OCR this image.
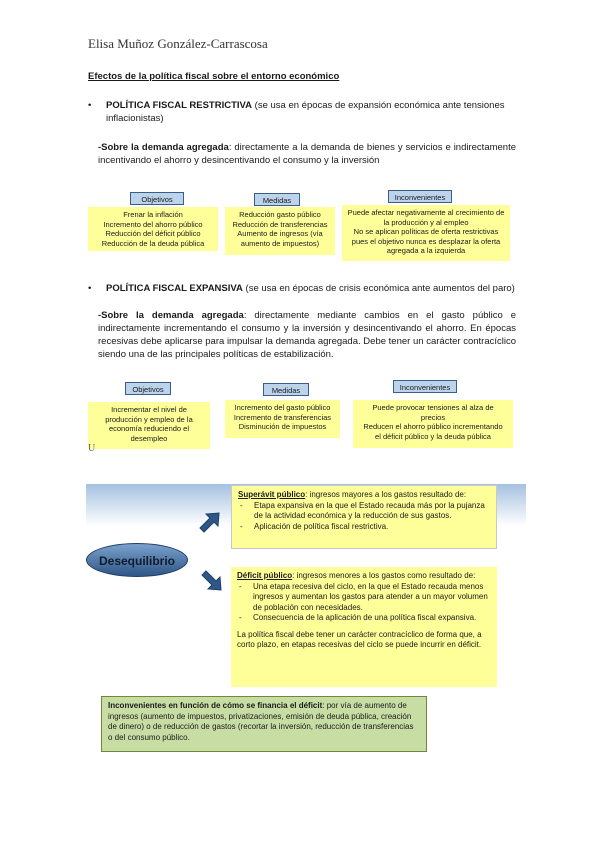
Elisa Muñoz González-Carrascosa
Efectos de la política fiscal sobre el entorno económico
• POLÍTICA FISCAL RESTRICTIVA (se usa en épocas de expansión económica ante tensiones inflacionistas)
-Sobre la demanda agregada: directamente a la demanda de bienes y servicios e indirectamente incentivando el ahorro y desincentivando el consumo y la inversión
Objetivos
Frenar la inflación
Incremento del ahorro público
Reducción del déficit público
Reducción de la deuda pública
Medidas
Reducción gasto público
Reducción de transferencias
Aumento de ingresos (vía
aumento de impuestos)
Inconvenientes
Puede afectar negativamente al crecimiento de
la producción y al empleo
No se aplican políticas de oferta restrictivas
pues el objetivo nunca es desplazar la oferta
agregada a la izquierda
• POLÍTICA FISCAL EXPANSIVA (se usa en épocas de crisis económica ante aumentos del paro)
-Sobre la demanda agregada: directamente mediante cambios en el gasto público e indirectamente incrementando el consumo y la inversión y desincentivando el ahorro. En épocas recesivas debe aplicarse para impulsar la demanda agregada. Debe tener un carácter contracíclico siendo una de las principales políticas de estabilización.
Objetivos
Incrementar el nivel de
producción y empleo de la
economía reduciendo el
desempleo
Medidas
Incremento del gasto público
Incremento de transferencias
Disminución de impuestos
Inconvenientes
Puede provocar tensiones al alza de
precios
Reducen el ahorro público incrementando
el déficit público y la deuda pública
U
Superávit público: ingresos mayores a los gastos resultado de:
- Etapa expansiva en la que el Estado recauda más por la pujanza de la actividad económica y la reducción de sus gastos.
- Aplicación de política fiscal restrictiva.
Desequilibrio
Déficit público: ingresos menores a los gastos como resultado de:
- Una etapa recesiva del ciclo, en la que el Estado recauda menos ingresos y aumentan los gastos para atender a un mayor volumen de población con necesidades.
- Consecuencia de la aplicación de una política fiscal expansiva.
La política fiscal debe tener un carácter contracíclico de forma que, a corto plazo, en etapas recesivas del ciclo se puede incurrir en déficit.
Inconvenientes en función de cómo se financia el déficit: por vía de aumento de ingresos (aumento de impuestos, privatizaciones, emisión de deuda pública, creación de dinero) o de reducción de gastos (recortar la inversión, reducción de transferencias o del consumo público.
